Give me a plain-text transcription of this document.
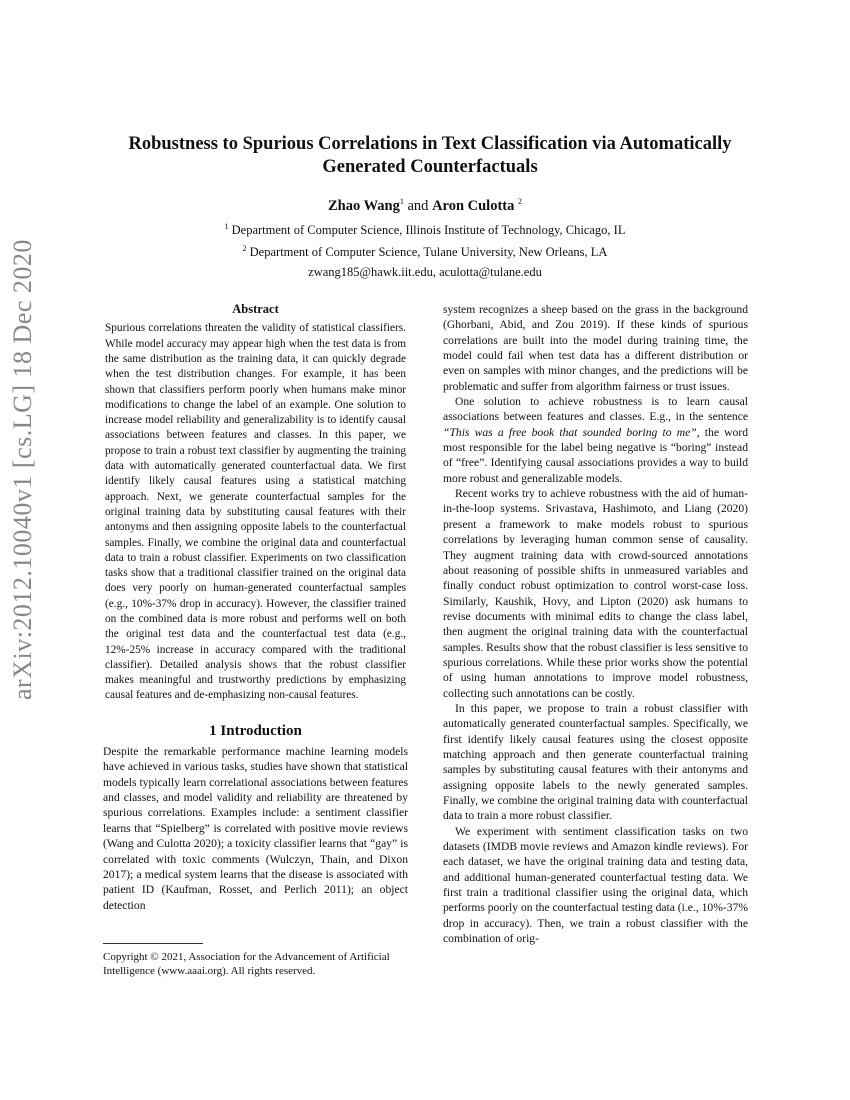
arXiv:2012.10040v1 [cs.LG] 18 Dec 2020
Robustness to Spurious Correlations in Text Classification via Automatically Generated Counterfactuals
Zhao Wang$^1$ and Aron Culotta $^2$
$^1$ Department of Computer Science, Illinois Institute of Technology, Chicago, IL
$^2$ Department of Computer Science, Tulane University, New Orleans, LA
zwang185@hawk.iit.edu, aculotta@tulane.edu
Abstract

Spurious correlations threaten the validity of statistical classifiers. While model accuracy may appear high when the test data is from the same distribution as the training data, it can quickly degrade when the test distribution changes. For example, it has been shown that classifiers perform poorly when humans make minor modifications to change the label of an example. One solution to increase model reliability and generalizability is to identify causal associations between features and classes. In this paper, we propose to train a robust text classifier by augmenting the training data with automatically generated counterfactual data. We first identify likely causal features using a statistical matching approach. Next, we generate counterfactual samples for the original training data by substituting causal features with their antonyms and then assigning opposite labels to the counterfactual samples. Finally, we combine the original data and counterfactual data to train a robust classifier. Experiments on two classification tasks show that a traditional classifier trained on the original data does very poorly on human-generated counterfactual samples (e.g., 10%-37% drop in accuracy). However, the classifier trained on the combined data is more robust and performs well on both the original test data and the counterfactual test data (e.g., 12%-25% increase in accuracy compared with the traditional classifier). Detailed analysis shows that the robust classifier makes meaningful and trustworthy predictions by emphasizing causal features and de-emphasizing non-causal features.

1 Introduction

Despite the remarkable performance machine learning models have achieved in various tasks, studies have shown that statistical models typically learn correlational associations between features and classes, and model validity and reliability are threatened by spurious correlations. Examples include: a sentiment classifier learns that “Spielberg” is correlated with positive movie reviews (Wang and Culotta 2020); a toxicity classifier learns that “gay” is correlated with toxic comments (Wulczyn, Thain, and Dixon 2017); a medical system learns that the disease is associated with patient ID (Kaufman, Rosset, and Perlich 2011); an object detection

Copyright © 2021, Association for the Advancement of Artificial Intelligence (www.aaai.org). All rights reserved.

system recognizes a sheep based on the grass in the background (Ghorbani, Abid, and Zou 2019). If these kinds of spurious correlations are built into the model during training time, the model could fail when test data has a different distribution or even on samples with minor changes, and the predictions will be problematic and suffer from algorithm fairness or trust issues.

One solution to achieve robustness is to learn causal associations between features and classes. E.g., in the sentence “This was a free book that sounded boring to me”, the word most responsible for the label being negative is “boring” instead of “free”. Identifying causal associations provides a way to build more robust and generalizable models.

Recent works try to achieve robustness with the aid of human-in-the-loop systems. Srivastava, Hashimoto, and Liang (2020) present a framework to make models robust to spurious correlations by leveraging human common sense of causality. They augment training data with crowd-sourced annotations about reasoning of possible shifts in unmeasured variables and finally conduct robust optimization to control worst-case loss. Similarly, Kaushik, Hovy, and Lipton (2020) ask humans to revise documents with minimal edits to change the class label, then augment the original training data with the counterfactual samples. Results show that the robust classifier is less sensitive to spurious correlations. While these prior works show the potential of using human annotations to improve model robustness, collecting such annotations can be costly.

In this paper, we propose to train a robust classifier with automatically generated counterfactual samples. Specifically, we first identify likely causal features using the closest opposite matching approach and then generate counterfactual training samples by substituting causal features with their antonyms and assigning opposite labels to the newly generated samples. Finally, we combine the original training data with counterfactual data to train a more robust classifier.

We experiment with sentiment classification tasks on two datasets (IMDB movie reviews and Amazon kindle reviews). For each dataset, we have the original training data and testing data, and additional human-generated counterfactual testing data. We first train a traditional classifier using the original data, which performs poorly on the counterfactual testing data (i.e., 10%-37% drop in accuracy). Then, we train a robust classifier with the combination of orig-
